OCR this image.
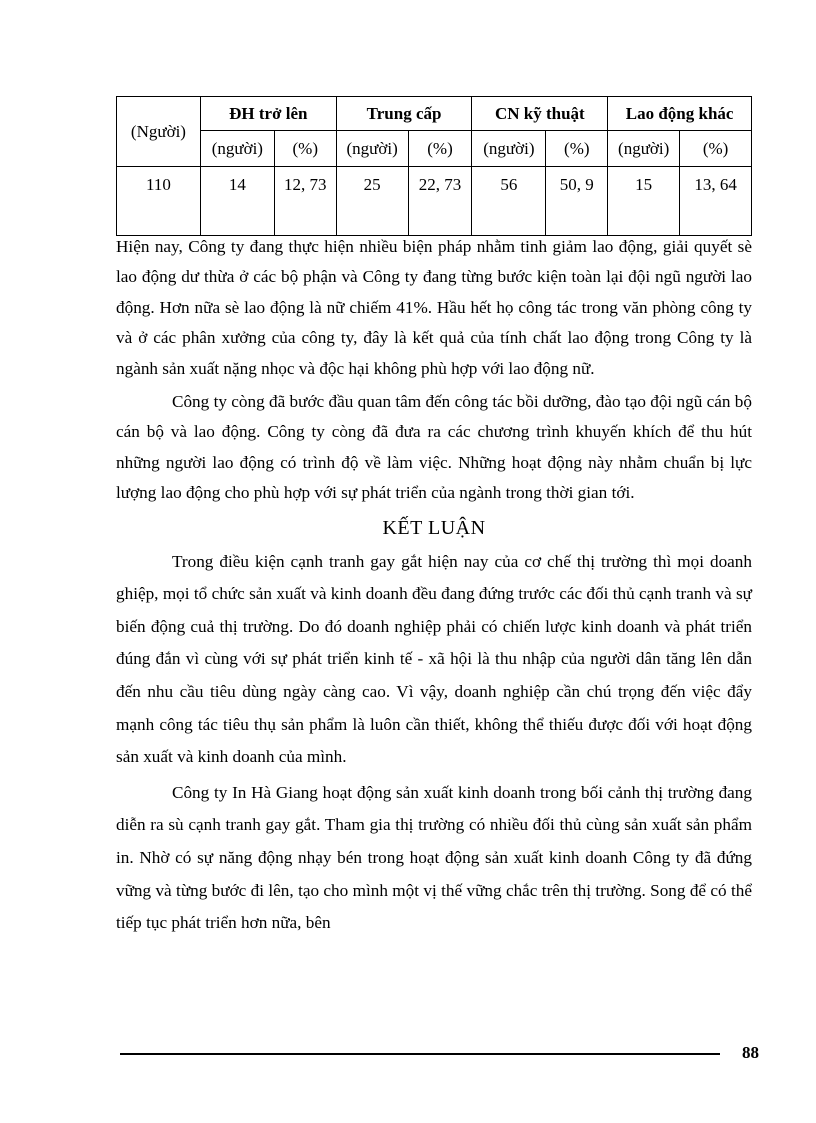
(Người)	ĐH trở lên		Trung cấp		CN kỹ thuật		Lao động khác	
	(người)	(%)	(người)	(%)	(người)	(%)	(người)	(%)
110	14	12, 73	25	22, 73	56	50, 9	15	13, 64

Hiện nay, Công ty đang thực hiện nhiều biện pháp nhằm tinh giảm lao động, giải quyết sè lao động dư thừa ở các bộ phận và Công ty đang từng bước kiện toàn lại đội ngũ người lao động. Hơn nữa sè lao động là nữ chiếm 41%. Hầu hết họ công tác trong văn phòng công ty và ở các phân xưởng của công ty, đây là kết quả của tính chất lao động trong Công ty là ngành sản xuất nặng nhọc và độc hại không phù hợp với lao động nữ.

Công ty còng đã bước đầu quan tâm đến công tác bồi dưỡng, đào tạo đội ngũ cán bộ cán bộ và lao động. Công ty còng đã đưa ra các chương trình khuyến khích để thu hút những người lao động có trình độ về làm việc. Những hoạt động này nhằm chuẩn bị lực lượng lao động cho phù hợp với sự phát triển của ngành trong thời gian tới.

KẾT LUẬN

Trong điều kiện cạnh tranh gay gắt hiện nay của cơ chế thị trường thì mọi doanh ghiệp, mọi tổ chức sản xuất và kinh doanh đều đang đứng trước các đối thủ cạnh tranh và sự biến động cuả thị trường. Do đó doanh nghiệp phải có chiến lược kinh doanh và phát triển đúng đắn vì cùng với sự phát triển kinh tế - xã hội là thu nhập của người dân tăng lên dẫn đến nhu cầu tiêu dùng ngày càng cao. Vì vậy, doanh nghiệp cần chú trọng đến việc đẩy mạnh công tác tiêu thụ sản phẩm là luôn cần thiết, không thể thiếu được đối với hoạt động sản xuất và kinh doanh của mình.

Công ty In Hà Giang hoạt động sản xuất kinh doanh trong bối cảnh thị trường đang diễn ra sù cạnh tranh gay gắt. Tham gia thị trường có nhiều đối thủ cùng sản xuất sản phẩm in. Nhờ có sự năng động nhạy bén trong hoạt động sản xuất kinh doanh Công ty đã đứng vững và từng bước đi lên, tạo cho mình một vị thế vững chắc trên thị trường. Song để có thể tiếp tục phát triển hơn nữa, bên

88
